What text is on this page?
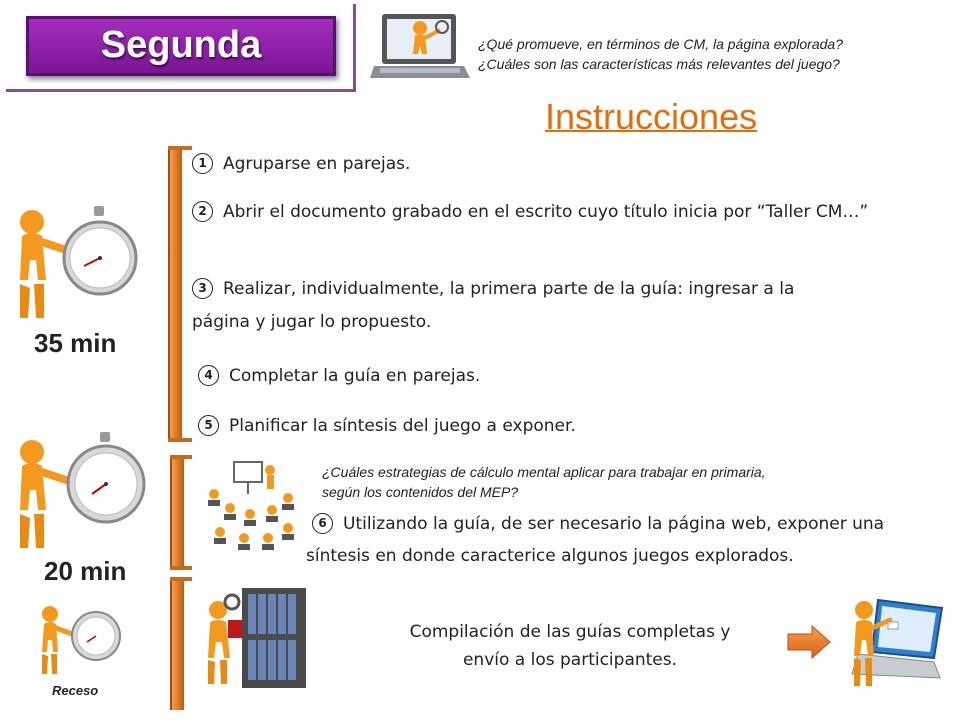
Segunda	¿Qué promueve, en términos de CM, la página explorada?
¿Cuáles son las características más relevantes del juego?
Instrucciones
1 Agruparse en parejas.
2 Abrir el documento grabado en el escrito cuyo título inicia por “Taller CM…”
3 Realizar, individualmente, la primera parte de la guía: ingresar a la
página y jugar lo propuesto.
4 Completar la guía en parejas.
5 Planificar la síntesis del juego a exponer.
35 min
20 min
Receso
¿Cuáles estrategias de cálculo mental aplicar para trabajar en primaria,
según los contenidos del MEP?
6 Utilizando la guía, de ser necesario la página web, exponer una
síntesis en donde caracterice algunos juegos explorados.
Compilación de las guías completas y
envío a los participantes.
